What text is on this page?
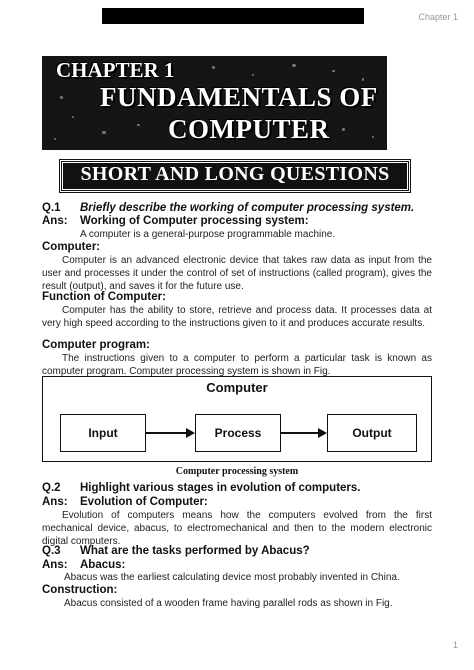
Chapter 1
CHAPTER 1
FUNDAMENTALS OF
COMPUTER
SHORT AND LONG QUESTIONS
Q.1 Briefly describe the working of computer processing system.
Ans: Working of Computer processing system:
A computer is a general-purpose programmable machine.
Computer:
Computer is an advanced electronic device that takes raw data as input from the user and processes it under the control of set of instructions (called program), gives the result (output), and saves it for the future use.
Function of Computer:
Computer has the ability to store, retrieve and process data. It processes data at very high speed according to the instructions given to it and produces accurate results.
Computer program:
The instructions given to a computer to perform a particular task is known as computer program. Computer processing system is shown in Fig.
Computer
Input	Process	Output
Computer processing system
Q.2 Highlight various stages in evolution of computers.
Ans: Evolution of Computer:
Evolution of computers means how the computers evolved from the first mechanical device, abacus, to electromechanical and then to the modern electronic digital computers.
Q.3 What are the tasks performed by Abacus?
Ans: Abacus:
Abacus was the earliest calculating device most probably invented in China.
Construction:
Abacus consisted of a wooden frame having parallel rods as shown in Fig.
1
